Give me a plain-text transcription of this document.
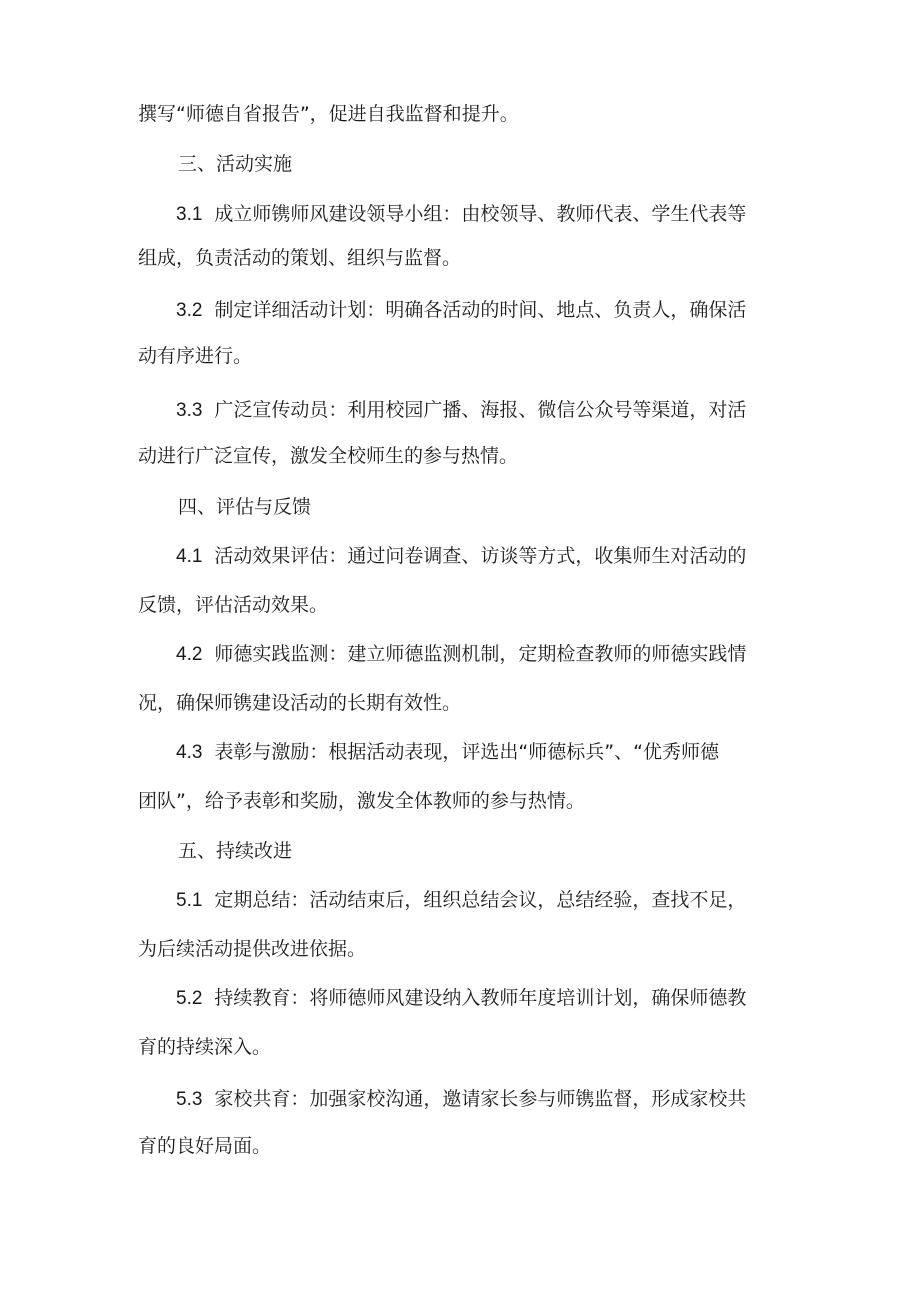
撰写“师德自省报告”，促进自我监督和提升。
三、活动实施
3.1 成立师镌师风建设领导小组：由校领导、教师代表、学生代表等
组成，负责活动的策划、组织与监督。
3.2 制定详细活动计划：明确各活动的时间、地点、负责人，确保活
动有序进行。
3.3 广泛宣传动员：利用校园广播、海报、微信公众号等渠道，对活
动进行广泛宣传，激发全校师生的参与热情。
四、评估与反馈
4.1 活动效果评估：通过问卷调查、访谈等方式，收集师生对活动的
反馈，评估活动效果。
4.2 师德实践监测：建立师德监测机制，定期检查教师的师德实践情
况，确保师镌建设活动的长期有效性。
4.3 表彰与激励：根据活动表现，评选出“师德标兵”、“优秀师德
团队”，给予表彰和奖励，激发全体教师的参与热情。
五、持续改进
5.1 定期总结：活动结束后，组织总结会议，总结经验，查找不足，
为后续活动提供改进依据。
5.2 持续教育：将师德师风建设纳入教师年度培训计划，确保师德教
育的持续深入。
5.3 家校共育：加强家校沟通，邀请家长参与师镌监督，形成家校共
育的良好局面。
